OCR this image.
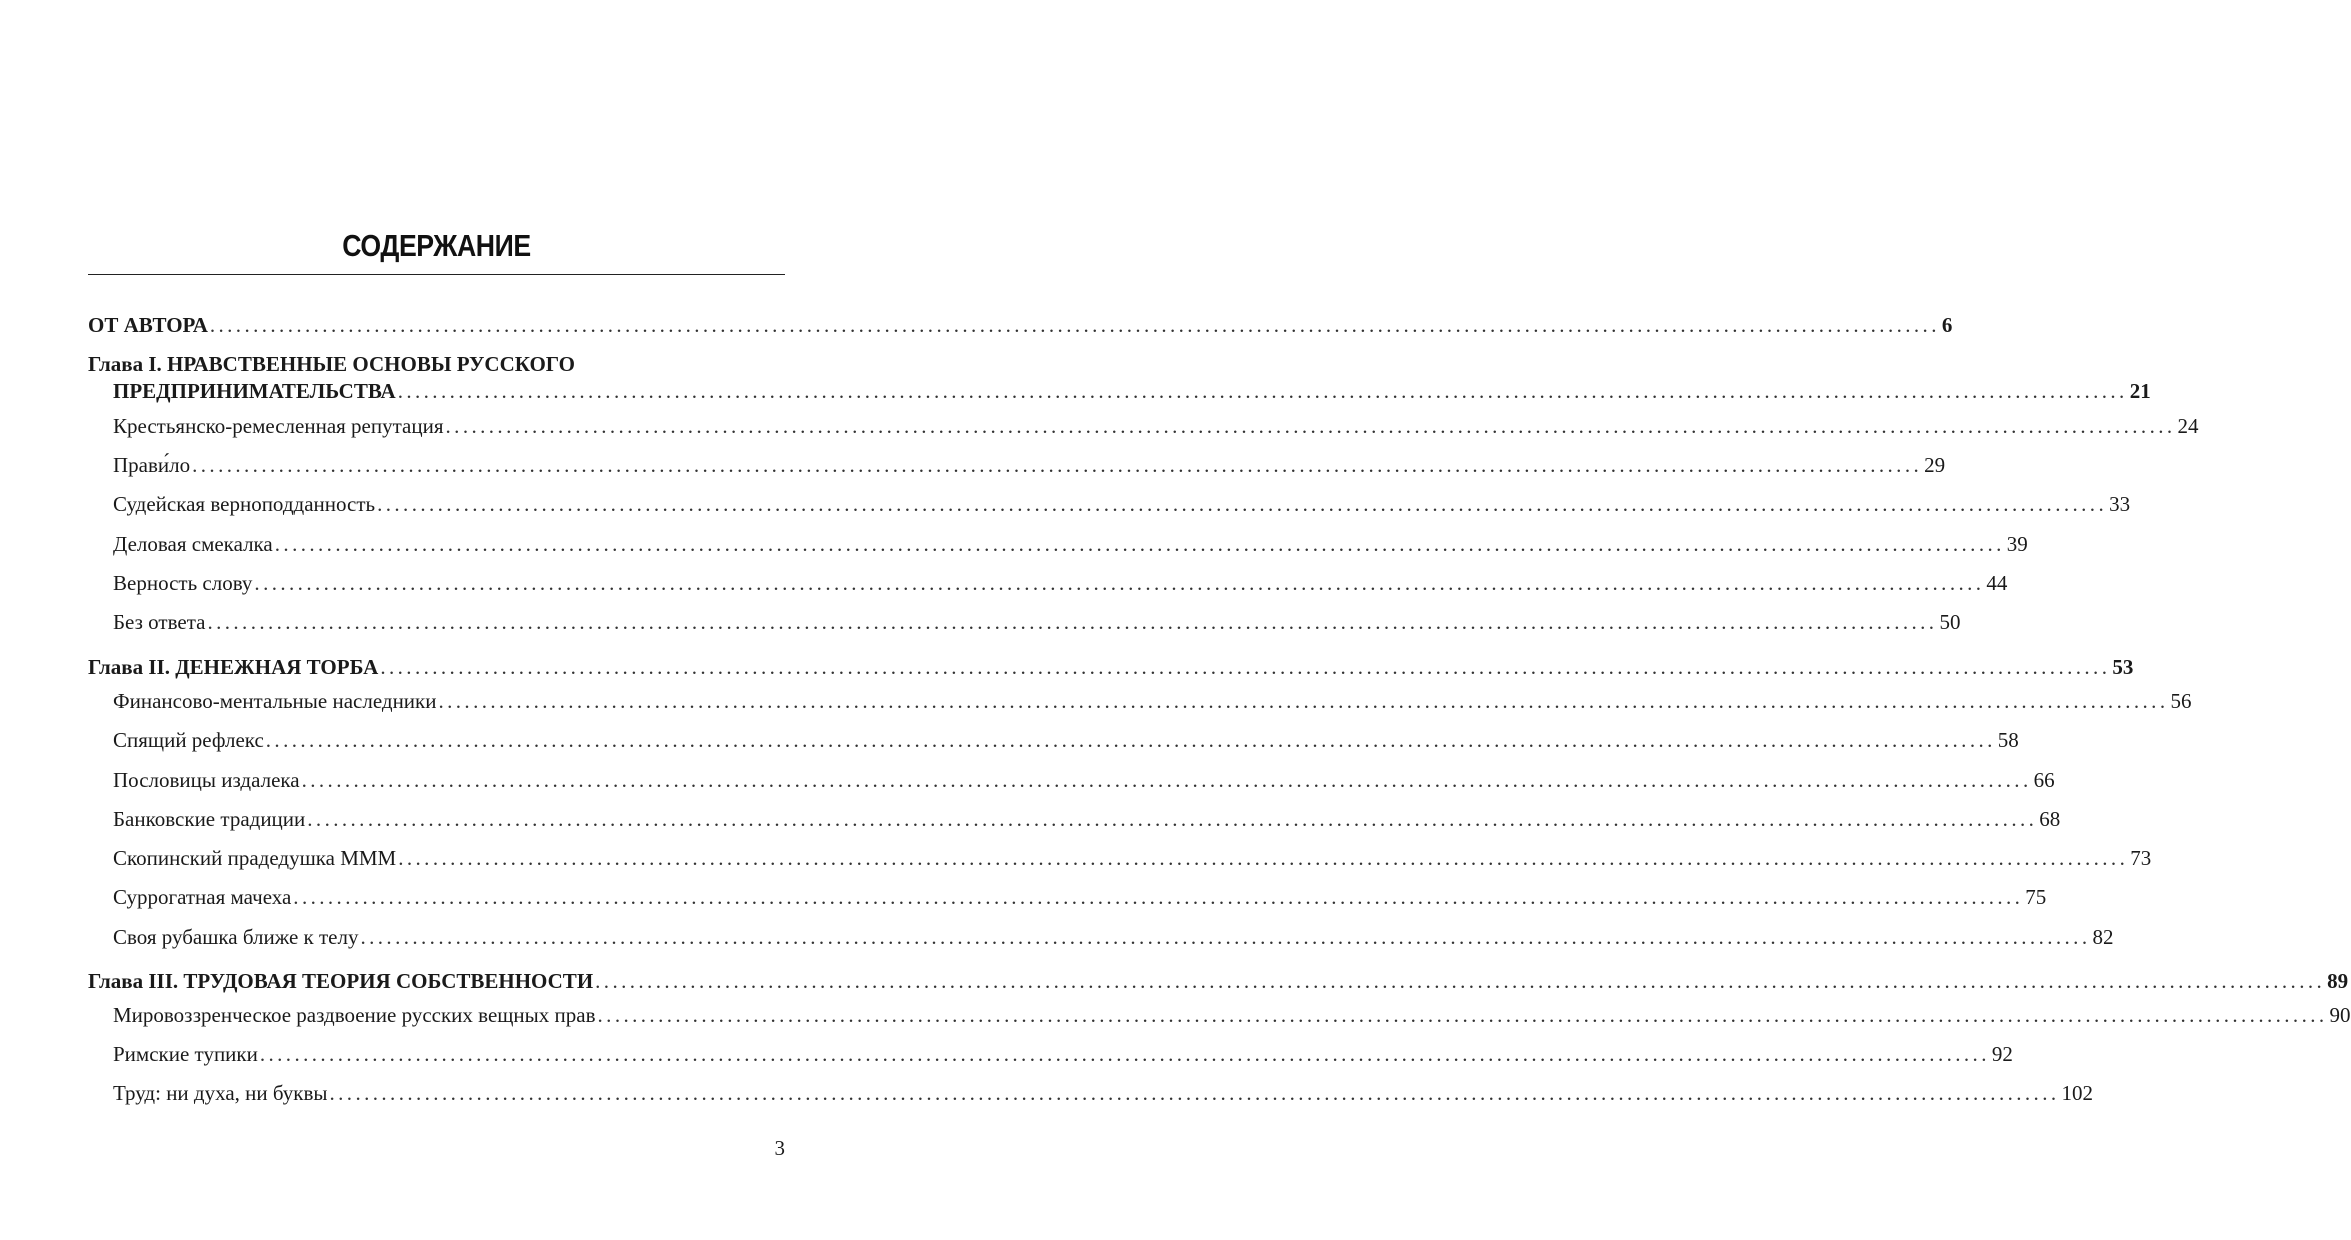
СОДЕРЖАНИЕ
ОТ АВТОРА ........................................................................................................................................................................................................ 6
Глава I. НРАВСТВЕННЫЕ ОСНОВЫ РУССКОГО
ПРЕДПРИНИМАТЕЛЬСТВА ........................................................................................................................................................................................................ 21
Крестьянско-ремесленная репутация ........................................................................................................................................................................................................ 24
Прави́ло ........................................................................................................................................................................................................ 29
Судейская верноподданность ........................................................................................................................................................................................................ 33
Деловая смекалка ........................................................................................................................................................................................................ 39
Верность слову ........................................................................................................................................................................................................ 44
Без ответа ........................................................................................................................................................................................................ 50
Глава II. ДЕНЕЖНАЯ ТОРБА ........................................................................................................................................................................................................ 53
Финансово-ментальные наследники ........................................................................................................................................................................................................ 56
Спящий рефлекс ........................................................................................................................................................................................................ 58
Пословицы издалека ........................................................................................................................................................................................................ 66
Банковские традиции ........................................................................................................................................................................................................ 68
Скопинский прадедушка МММ ........................................................................................................................................................................................................ 73
Суррогатная мачеха ........................................................................................................................................................................................................ 75
Своя рубашка ближе к телу ........................................................................................................................................................................................................ 82
Глава III. ТРУДОВАЯ ТЕОРИЯ СОБСТВЕННОСТИ ........................................................................................................................................................................................................ 89
Мировоззренческое раздвоение русских вещных прав ........................................................................................................................................................................................................ 90
Римские тупики ........................................................................................................................................................................................................ 92
Труд: ни духа, ни буквы ........................................................................................................................................................................................................ 102
3
